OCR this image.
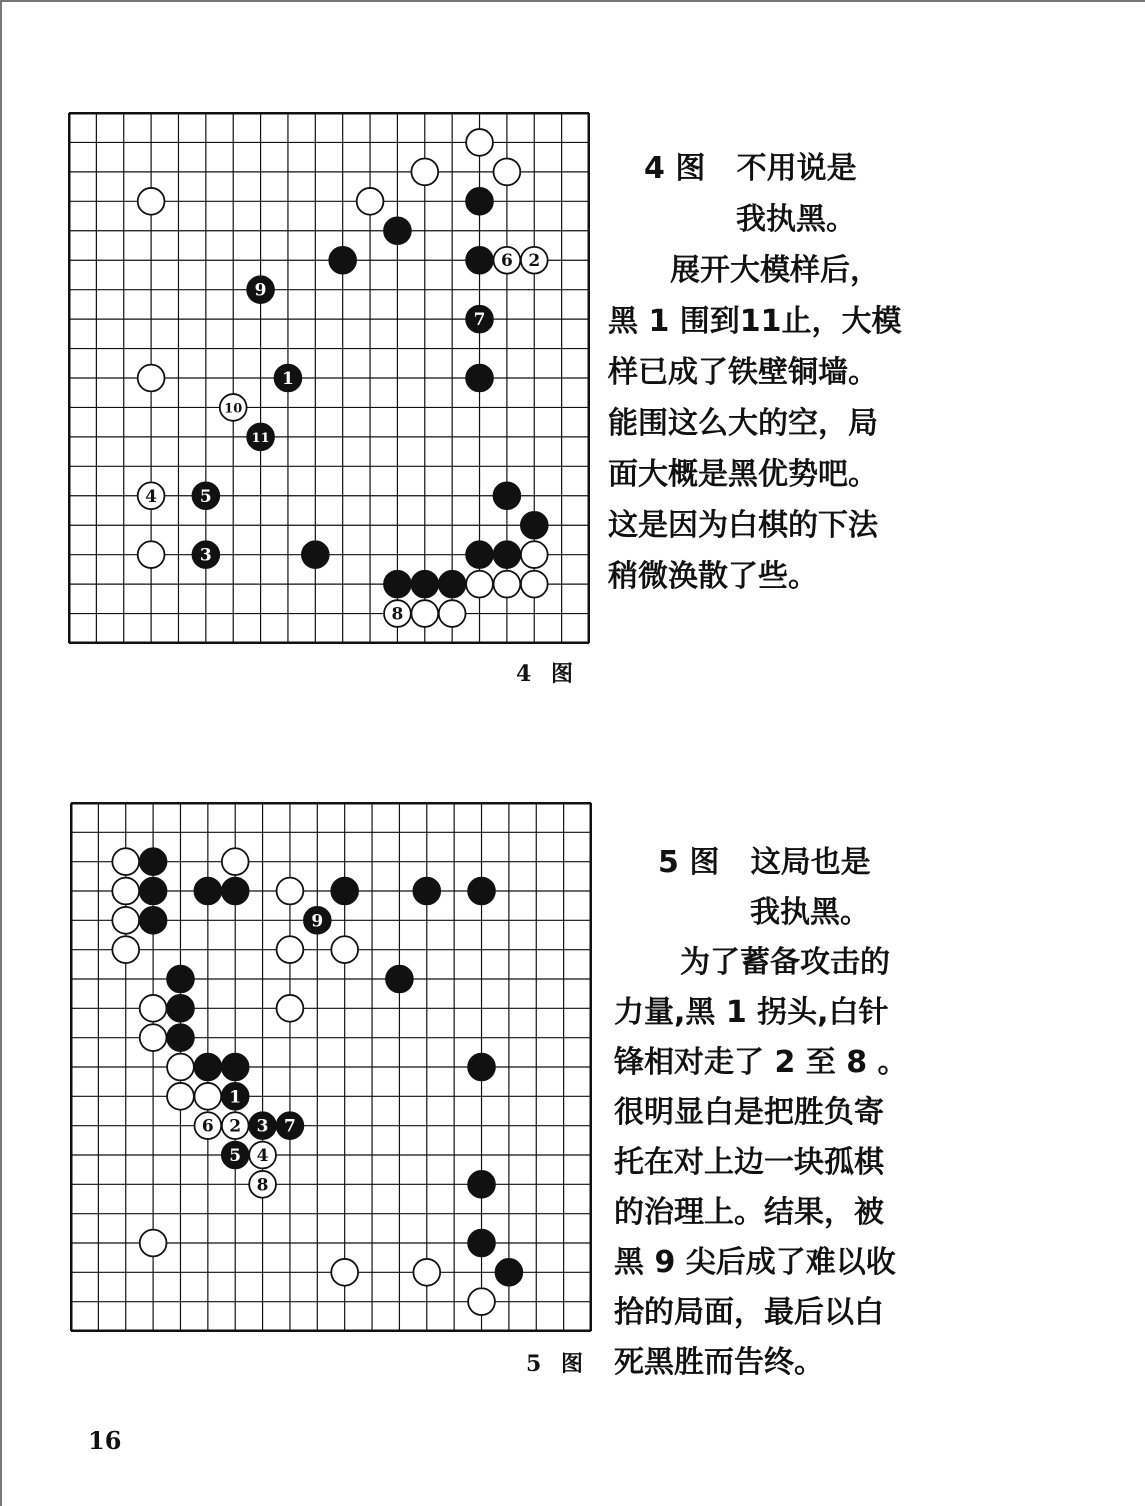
6 2
9
7
1
10
11
4	5
3
8
4 图

4 图 不用说是
我执黑。
展开大模样后，
黑 1 围到11止，大模
样已成了铁壁铜墙。
能围这么大的空，局
面大概是黑优势吧。
这是因为白棋的下法
稍微涣散了些。

9
1
6 2 3 7
5 4
8
5 图

5 图 这局也是
我执黑。
为了蓄备攻击的
力量,黑 1 拐头,白针
锋相对走了 2 至 8 。
很明显白是把胜负寄
托在对上边一块孤棋
的治理上。结果，被
黑 9 尖后成了难以收
拾的局面，最后以白
死黑胜而告终。

16
